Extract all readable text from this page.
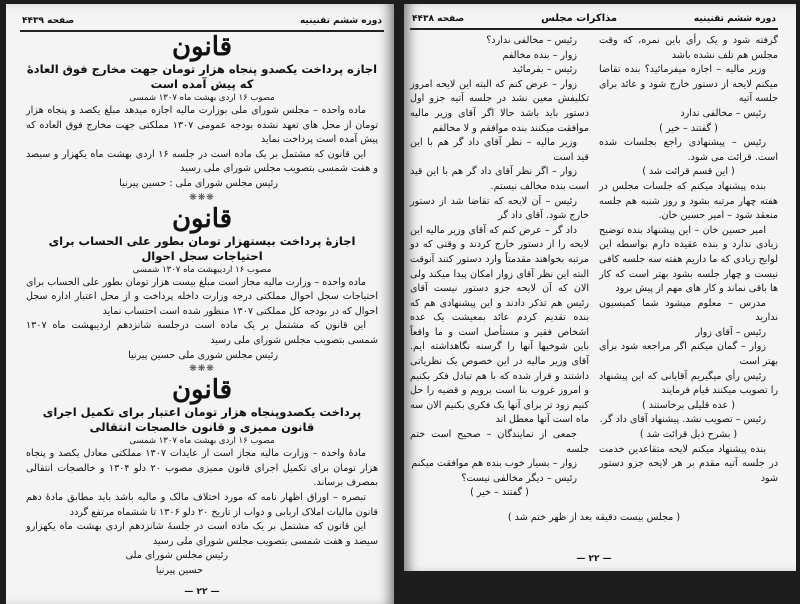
دوره ششم تقنینیه
صفحه ۴۴۳۹
قانون
اجازه پرداخت یکصدو پنجاه هزار تومان جهت مخارج فوق العادهٔ که پیش آمده است
مصوب ۱۶ اردی بهشت ماه ۱۳۰۷ شمسی

ماده واحده – مجلس شورای ملی بوزارت مالیه اجازه میدهد مبلغ یکصد و پنجاه هزار تومان از محل های تعهد نشده بودجه عمومی ۱۳۰۷ مملکتی جهت مخارج فوق العاده که پیش آمده است پرداخت نماید

این قانون که مشتمل بر یک ماده است در جلسه ۱۶ اردی بهشت ماه یکهزار و سیصد و هفت شمسی بتصویب مجلس شورای ملی رسید

رئیس مجلس شورای ملی : حسین پیرنیا

❋❋❋
قانون
اجازهٔ پرداخت بیستهزار تومان بطور علی الحساب برای احتیاجات سجل احوال
مصوب ۱۶ اردیبهشت ماه ۱۳۰۷ شمسی

ماده واحده – وزارت مالیه مجاز است مبلغ بیست هزار تومان بطور علی الحساب برای احتیاجات سجل احوال مملکتی درجه وزارت داخله پرداخت و از محل اعتبار اداره سجل احوال که در بودجه کل مملکتی ۱۳۰۷ منظور شده است احتساب نماید

این قانون که مشتمل بر یک ماده است درجلسه شانزدهم اردیبهشت ماه ۱۳۰۷ شمسی بتصویب مجلس شورای ملی رسید

رئیس مجلس شوری ملی حسین پیرنیا

❋❋❋
قانون
پرداخت یکصدوپنجاه هزار تومان اعتبار برای تکمیل اجرای قانون ممیزی و قانون خالصجات انتقالی
مصوب ۱۶ اردی بهشت ماه ۱۳۰۷ شمسی

مادهٔ واحده – وزارت مالیه مجاز است از عایدات ۱۳۰۷ مملکتی معادل یکصد و پنجاه هزار تومان برای تکمیل اجرای قانون ممیزی مصوب ۲۰ دلو ۱۳۰۴ و خالصجات انتقالی بمصرف برساند.

تبصره – اوراق اظهار نامه که مورد اختلاف مالک و مالیه باشد باید مطابق مادهٔ دهم قانون مالیات املاک اربابی و دواب از تاریخ ۲۰ دلو ۱۳۰۶ تا ششماه مرتفع گردد

این قانون که مشتمل بر یک ماده است در جلسهٔ شانزدهم اردی بهشت ماه یکهزارو سیصد و هفت شمسی بتصویب مجلس شورای ملی رسید

رئیس مجلس شورای ملی

حسین پیرنیا

— ۲۲ —
دوره ششم تقنینیه
مذاکرات مجلس
صفحه ۴۴۳۸

گرفته شود و یک رأی باین نمره، که وقت مجلس هم تلف نشده باشد

وزیر مالیه – اجازه میفرمائید؟ بنده تقاضا میکنم لایحه از دستور خارج شود و عائد برای جلسه آتیه

رئیس – مخالفی ندارد

( گفتند – خیر )

رئیس – پیشنهادی راجع بجلسات شده است. قرائت می شود.

( این قسم قرائت شد )

بنده پیشنهاد میکنم که جلسات مجلس در هفته چهار مرتبه بشود و روز شنبه هم جلسه منعقد شود – امیر حسین خان.

امیر حسین خان – این پیشنهاد بنده توضیح زیادی ندارد و بنده عقیده دارم بواسطه این لوایح زیادی که ما داریم هفته سه جلسه کافی نیست و چهار جلسه بشود بهتر است که کار ها باقی نماند و کار های مهم از پیش برود

مدرس – معلوم میشود شما کمیسیون ندارید

رئیس – آقای زوار

زوار – گمان میکنم اگر مراجعه شود برأی بهتر است

رئیس رأی میگیریم آقایانی که این پیشنهاد را تصویب میکنند قیام فرمایند

( عده قلیلی برخاستند )

رئیس – تصویب نشد. پیشنهاد آقای داد گر.

( بشرح ذیل قرائت شد )

بنده پیشنهاد میکنم لایحه متقاعدین خدمت در جلسه آتیه مقدم بر هر لایحه جزو دستور شود

رئیس – مخالفی ندارد؟

زوار – بنده مخالفم

رئیس – بفرمائید

زوار – عرض کنم که البته این لایحه امروز تکلیفش معین نشد در جلسه آتیه جزو اول دستور باید باشد حالا اگر آقای وزیر مالیه موافقت میکنند بنده موافقم و لا مخالفم

وزیر مالیه – نظر آقای داد گر هم با این قید است

زوار – اگر نظر آقای داد گر هم با این قید است بنده مخالف نیستم.

رئیس – آن لایحه که تقاضا شد از دستور خارج شود. آقای داد گر

داد گر – عرض کنم که آقای وزیر مالیه این لایحه را از دستور خارج کردند و وقتی که دو مرتبه بخواهند مقدمتاً وارد دستور کنند آنوقت البته این نظر آقای زوار امکان پیدا میکند ولی الان که آن لایحه جزو دستور نیست آقای رئیس هم تذکر دادند و این پیشنهادی هم که بنده تقدیم کردم عائد بمعیشت یک عده اشخاص فقیر و مستأصل است و ما واقعاً باین شوخیها آنها را گرسنه نگاهداشته ایم. آقای وزیر مالیه در این خصوص یک نظریاتی داشتند و قرار شده که با هم تبادل فکر بکنیم و امروز غروب بنا است برویم و قضیه را حل کنیم زود تر برای آنها یک فکری بکنیم الان سه ماه است آنها معطل اند

جمعی از نمایندگان – صحیح است ختم جلسه

زوار – بسیار خوب بنده هم موافقت میکنم

رئیس – دیگر مخالفی نیست؟

( گفتند – خیر )

( مجلس بیست دقیقه بعد از ظهر ختم شد )
— ۲۲ —
